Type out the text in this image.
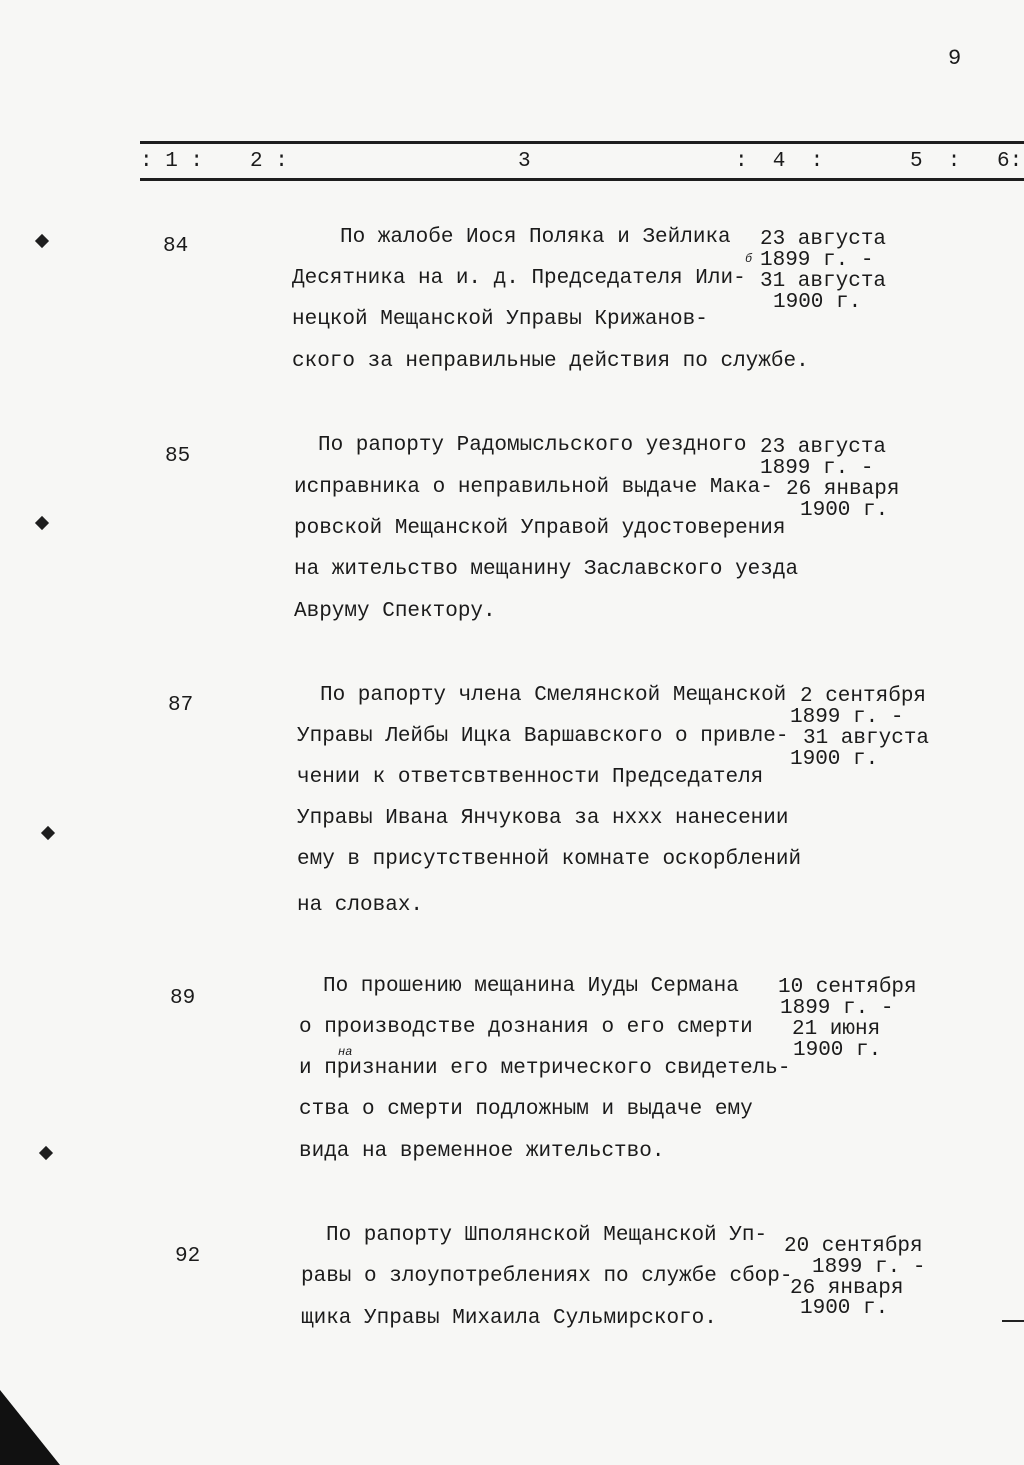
9
: 1 : 2 :	3	:  4  :	5  : 6:
84	По жалобе Иося Поляка и Зейлика
Десятника на и. д. Председателя Или-
нецкой Мещанской Управы Крижанов-
ского за неправильные действия по службе.
б
23 августа
1899 г. -
31 августа
1900 г.
85	По рапорту Радомысльского уездного
исправника о неправильной выдаче Мака-
ровской Мещанской Управой удостоверения
на жительство мещанину Заславского уезда
Авруму Спектору.
23 августа
1899 г. -
26 января
1900 г.
87	По рапорту члена Смелянской Мещанской
Управы Лейбы Ицка Варшавского о привле-
чении к ответсвтвенности Председателя
Управы Ивана Янчукова за нххх нанесении
ему в присутственной комнате оскорблений
на словах.
2 сентября
1899 г. -
31 августа
1900 г.
89
По прошению мещанина Иуды Сермана
о производстве дознания о его смерти
на
и признании его метрического свидетель-
ства о смерти подложным и выдаче ему
вида на временное жительство.
10 сентября
1899 г. -
21 июня
1900 г.
92
По рапорту Шполянской Мещанской Уп-
равы о злоупотреблениях по службе сбор-
щика Управы Михаила Сульмирского.
20 сентября
1899 г. -
26 января
1900 г.
